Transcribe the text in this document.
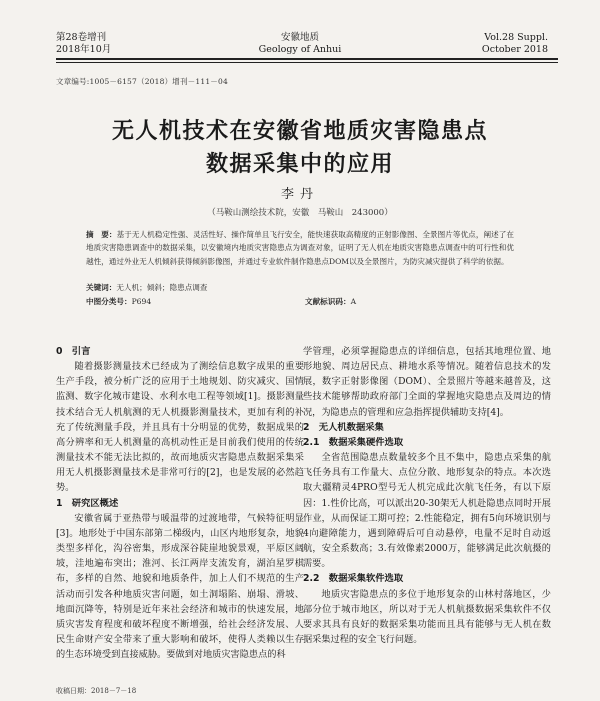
第28卷增刊
2018年10月
安徽地质
Geology of Anhui
Vol.28 Suppl.
October 2018
文章编号:1005－6157（2018）增刊－111－04
无人机技术在安徽省地质灾害隐患点
数据采集中的应用
李丹
（马鞍山测绘技术院，安徽　马鞍山　243000）
摘　要：基于无人机稳定性强、灵活性好、操作简单且飞行安全，能快速获取高精度的正射影像图、全景图片等优点，阐述了在地质灾害隐患调查中的数据采集，以安徽境内地质灾害隐患点为调查对象，证明了无人机在地质灾害隐患点调查中的可行性和优越性，通过外业无人机倾斜获得倾斜影像图，并通过专业软件制作隐患点DOM以及全景图片，为防灾减灾提供了科学的依据。
关键词：无人机；倾斜；隐患点调查
中图分类号：P694	文献标识码：A
0　引言

随着摄影测量技术已经成为了测绘信息数字成果的重要生产手段，被分析广泛的应用于土地规划、防灾减灾、国情监测、数字化城市建设、水利水电工程等领域[1]。摄影测量技术结合无人机航测的无人机摄影测量技术，更加有利的补充了传统测量手段，并且具有十分明显的优势，数据成果的高分辨率和无人机测量的高机动性正是目前我们使用的传统测量技术不能无法比拟的，故而地质灾害隐患点数据采集采用无人机摄影测量技术是非常可行的[2]，也是发展的必然趋势。

1　研究区概述

安徽省属于亚热带与暖温带的过渡地带，气候特征明显[3]。地形处于中国东部第二梯级内，山区内地形复杂，地貌类型多样化，沟谷密集，形成深谷陡崖地貌景观，平原区阔坡，洼地遍布突出；淮河、长江两岸支流发育，湖泊星罗棋布，多样的自然、地貌和地质条件，加上人们不规范的生产活动而引发各种地质灾害问题，如土洞塌陷、崩塌、滑坡、地面沉降等，特别是近年来社会经济和城市的快速发展，地质灾害发育程度和破坏程度不断增强，给社会经济发展、人民生命财产安全带来了重大影响和破坏，使得人类赖以生存的生态环境受到直接威胁。要做到对地质灾害隐患点的科

学管理，必须掌握隐患点的详细信息，包括其地理位置、地形地貌、周边居民点、耕地水系等情况。随着信息技术的发展，数字正射影像图（DOM）、全景照片等越来越普及，这些技术能够帮助政府部门全面的掌握地灾隐患点及周边的情况，为隐患点的管理和应急指挥提供辅助支持[4]。

2　无人机数据采集
2.1　数据采集硬件选取

全省范围隐患点数量较多个且不集中，隐患点采集的航飞任务具有工作量大、点位分散、地形复杂的特点。本次选取大疆精灵4PRO型号无人机完成此次航飞任务，有以下原因：1.性价比高，可以派出20-30架无人机赴隐患点同时开展作业，从而保证工期可控；2.性能稳定，拥有5向环境识别与4向避障能力，遇到障碍后可自动悬停，电量不足时自动返航，安全系数高；3.有效像素2000万，能够满足此次航摄的需要。

2.2　数据采集软件选取

地质灾害隐患点的多位于地形复杂的山林村落地区，少部分位于城市地区，所以对于无人机航摄数据采集软件不仅要求其具有良好的数据采集功能而且具有能够与无人机在数据采集过程的安全飞行问题。

收稿日期：2018－7－18
